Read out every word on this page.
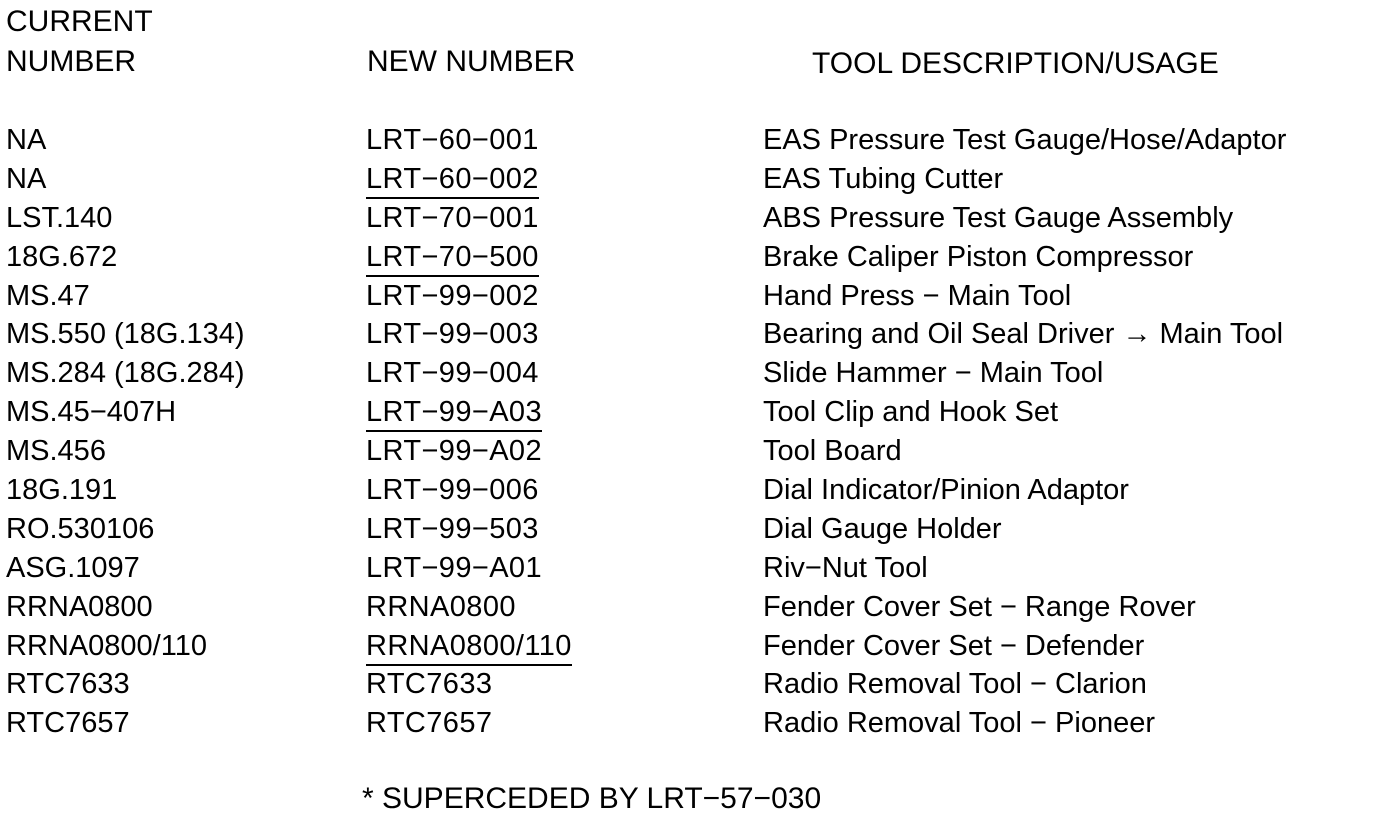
CURRENT
NUMBER	NEW NUMBER	TOOL DESCRIPTION/USAGE
NA	LRT−60−001	EAS Pressure Test Gauge/Hose/Adaptor
NA	LRT−60−002	EAS Tubing Cutter
LST.140	LRT−70−001	ABS Pressure Test Gauge Assembly
18G.672	LRT−70−500	Brake Caliper Piston Compressor
MS.47	LRT−99−002	Hand Press − Main Tool
MS.550 (18G.134)	LRT−99−003	Bearing and Oil Seal Driver → Main Tool
MS.284 (18G.284)	LRT−99−004	Slide Hammer − Main Tool
MS.45−407H	LRT−99−A03	Tool Clip and Hook Set
MS.456	LRT−99−A02	Tool Board
18G.191	LRT−99−006	Dial Indicator/Pinion Adaptor
RO.530106	LRT−99−503	Dial Gauge Holder
ASG.1097	LRT−99−A01	Riv−Nut Tool
RRNA0800	RRNA0800	Fender Cover Set − Range Rover
RRNA0800/110	RRNA0800/110	Fender Cover Set − Defender
RTC7633	RTC7633	Radio Removal Tool − Clarion
RTC7657	RTC7657	Radio Removal Tool − Pioneer
* SUPERCEDED BY LRT−57−030
